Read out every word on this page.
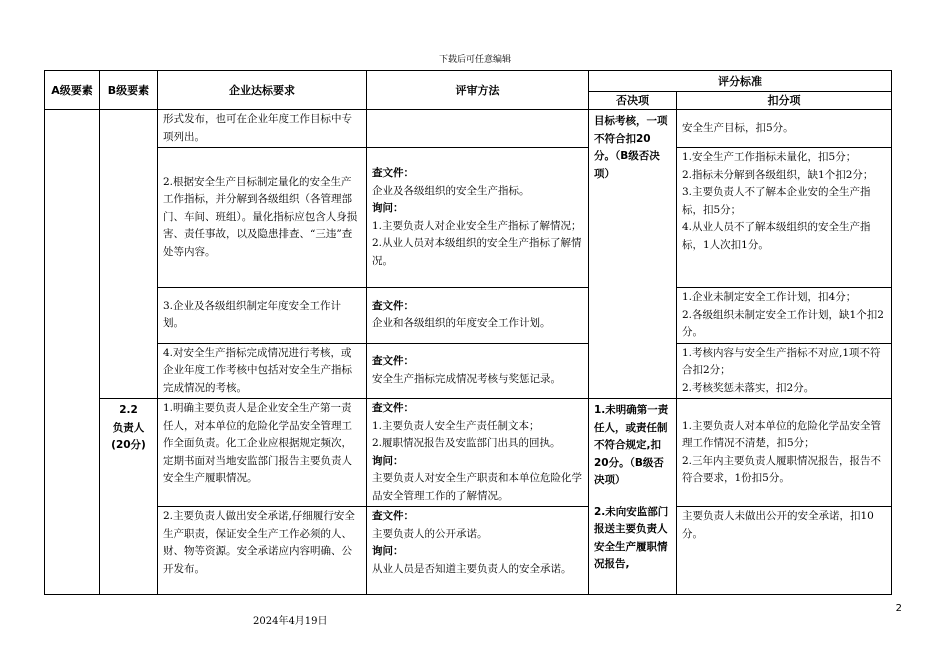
下载后可任意编辑
A级要素	B级要素	企业达标要求	评审方法	评分标准	
				否决项	扣分项
		形式发布，也可在企业年度工作目标中专项列出。		目标考核，一项不符合扣20分。（B级否决项）	安全生产目标，扣5分。

		2.根据安全生产目标制定量化的安全生产工作指标，并分解到各级组织（各管理部门、车间、班组）。量化指标应包含人身损害、责任事故，以及隐患排查、“三违”查处等内容。	查文件：
企业及各级组织的安全生产指标。
询问：
1.主要负责人对企业安全生产指标了解情况；
2.从业人员对本级组织的安全生产指标了解情况。		1.安全生产工作指标未量化，扣5分；
2.指标未分解到各级组织，缺1个扣2分；
3.主要负责人不了解本企业安的全生产指标，扣5分；
4.从业人员不了解本级组织的安全生产指标，1人次扣1分。

		3.企业及各级组织制定年度安全工作计划。	查文件：
企业和各级组织的年度安全工作计划。		1.企业未制定安全工作计划，扣4分；
2.各级组织未制定安全工作计划，缺1个扣2分。

		4.对安全生产指标完成情况进行考核，或企业年度工作考核中包括对安全生产指标完成情况的考核。	查文件：
安全生产指标完成情况考核与奖惩记录。		1.考核内容与安全生产指标不对应,1项不符合扣2分；
2.考核奖惩未落实，扣2分。

	2.2
负责人
(20分)	1.明确主要负责人是企业安全生产第一责任人，对本单位的危险化学品安全管理工作全面负责。化工企业应根据规定频次，定期书面对当地安监部门报告主要负责人安全生产履职情况。	查文件：
1.主要负责人安全生产责任制文本；
2.履职情况报告及安监部门出具的回执。
询问：
主要负责人对安全生产职责和本单位危险化学品安全管理工作的了解情况。	1.未明确第一责任人，或责任制不符合规定,扣20分。（B级否决项）
2.未向安监部门报送主要负责人安全生产履职情况报告,	1.主要负责人对本单位的危险化学品安全管理工作情况不清楚，扣5分；
2.三年内主要负责人履职情况报告，报告不符合要求，1份扣5分。

		2.主要负责人做出安全承诺,仔细履行安全生产职责，保证安全生产工作必须的人、财、物等资源。安全承诺应内容明确、公开发布。	查文件：
主要负责人的公开承诺。
询问：
从业人员是否知道主要负责人的安全承诺。		主要负责人未做出公开的安全承诺，扣10分。
2
2024年4月19日
